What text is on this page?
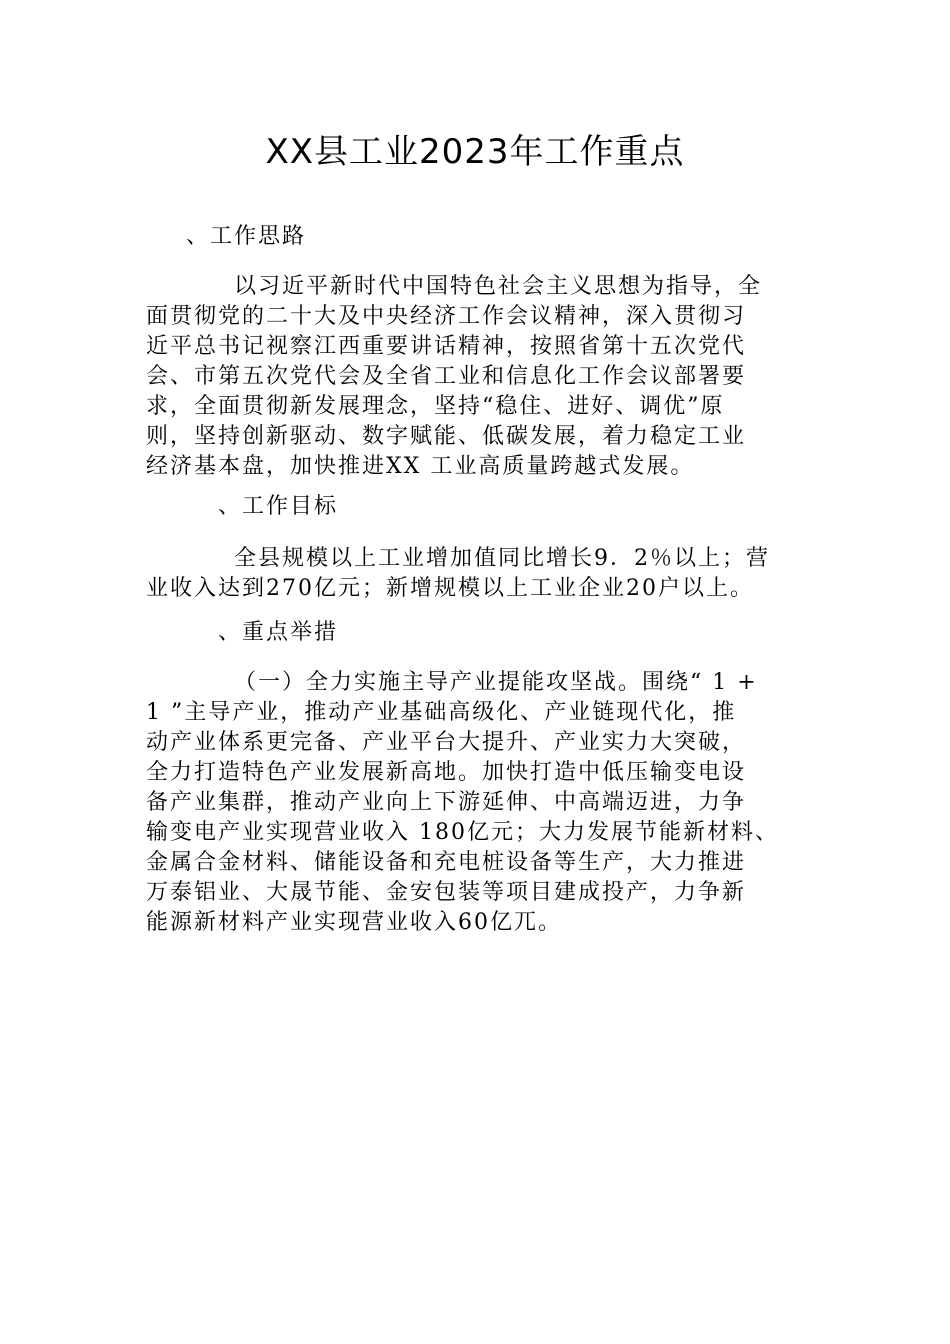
XX县工业2023年工作重点
、工作思路

以习近平新时代中国特色社会主义思想为指导，全
面贯彻党的二十大及中央经济工作会议精神，深入贯彻习
近平总书记视察江西重要讲话精神，按照省第十五次党代
会、市第五次党代会及全省工业和信息化工作会议部署要
求，全面贯彻新发展理念，坚持“稳住、进好、调优”原
则，坚持创新驱动、数字赋能、低碳发展，着力稳定工业
经济基本盘，加快推进XX 工业高质量跨越式发展。

、工作目标

全县规模以上工业增加值同比增长9．2％以上；营
业收入达到270亿元；新增规模以上工业企业20户以上。

、重点举措

（一）全力实施主导产业提能攻坚战。围绕“ 1 +
1 ”主导产业，推动产业基础高级化、产业链现代化，推
动产业体系更完备、产业平台大提升、产业实力大突破，
全力打造特色产业发展新高地。加快打造中低压输变电设
备产业集群，推动产业向上下游延伸、中高端迈进，力争
输变电产业实现营业收入 180亿元；大力发展节能新材料、
金属合金材料、储能设备和充电桩设备等生产，大力推进
万泰铝业、大晟节能、金安包装等项目建成投产，力争新
能源新材料产业实现营业收入60亿兀。
